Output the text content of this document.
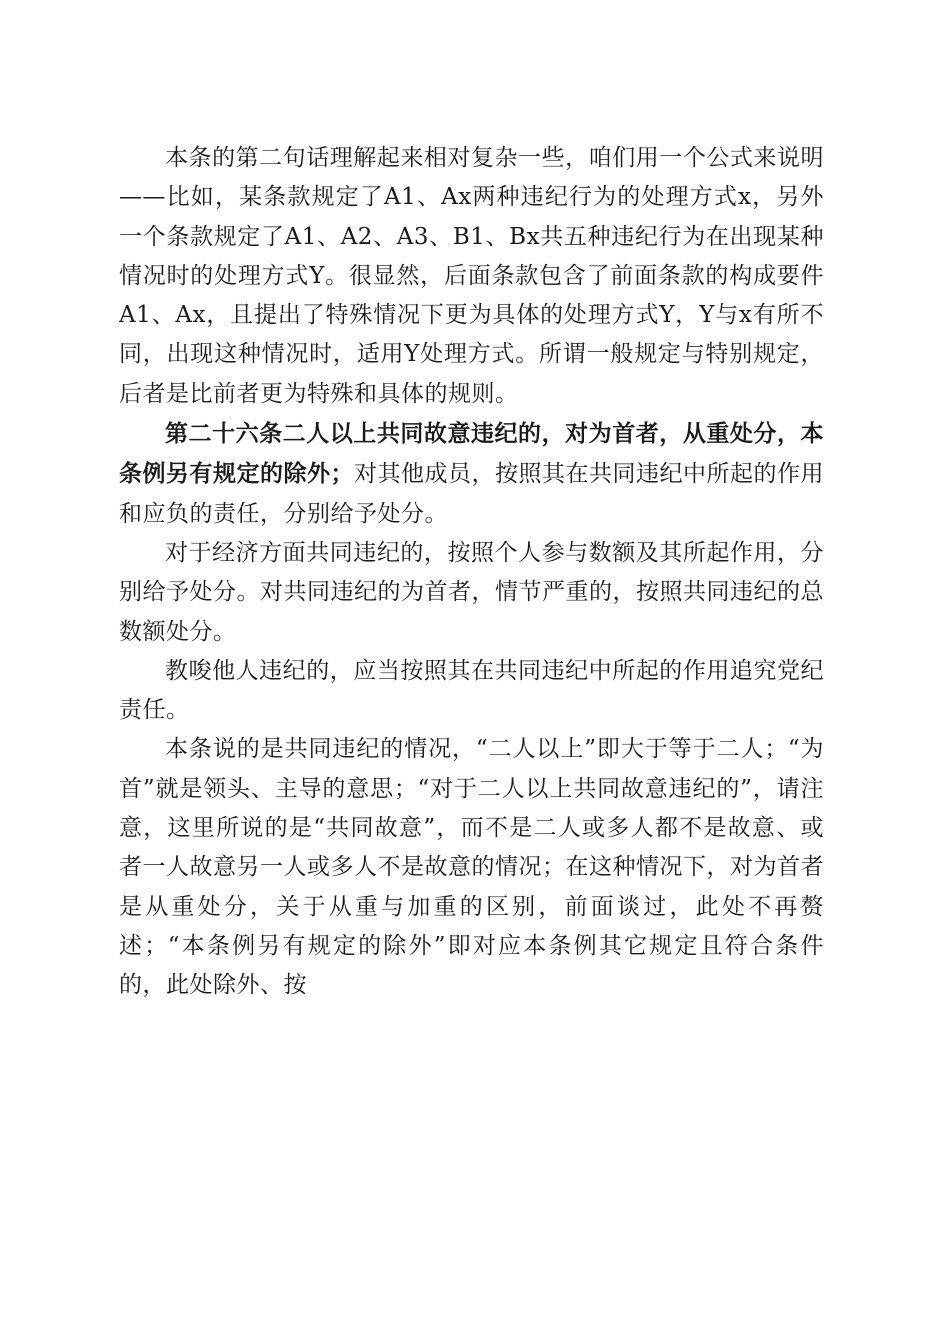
本条的第二句话理解起来相对复杂一些，咱们用一个公式来说明——比如，某条款规定了A1、Ax两种违纪行为的处理方式x，另外一个条款规定了A1、A2、A3、B1、Bx共五种违纪行为在出现某种情况时的处理方式Y。很显然，后面条款包含了前面条款的构成要件A1、Ax，且提出了特殊情况下更为具体的处理方式Y，Y与x有所不同，出现这种情况时，适用Y处理方式。所谓一般规定与特别规定，后者是比前者更为特殊和具体的规则。

第二十六条二人以上共同故意违纪的，对为首者，从重处分，本条例另有规定的除外；对其他成员，按照其在共同违纪中所起的作用和应负的责任，分别给予处分。

对于经济方面共同违纪的，按照个人参与数额及其所起作用，分别给予处分。对共同违纪的为首者，情节严重的，按照共同违纪的总数额处分。

教唆他人违纪的，应当按照其在共同违纪中所起的作用追究党纪责任。

本条说的是共同违纪的情况，“二人以上”即大于等于二人；“为首”就是领头、主导的意思；“对于二人以上共同故意违纪的”，请注意，这里所说的是“共同故意”，而不是二人或多人都不是故意、或者一人故意另一人或多人不是故意的情况；在这种情况下，对为首者是从重处分，关于从重与加重的区别，前面谈过，此处不再赘述；“本条例另有规定的除外”即对应本条例其它规定且符合条件的，此处除外、按
